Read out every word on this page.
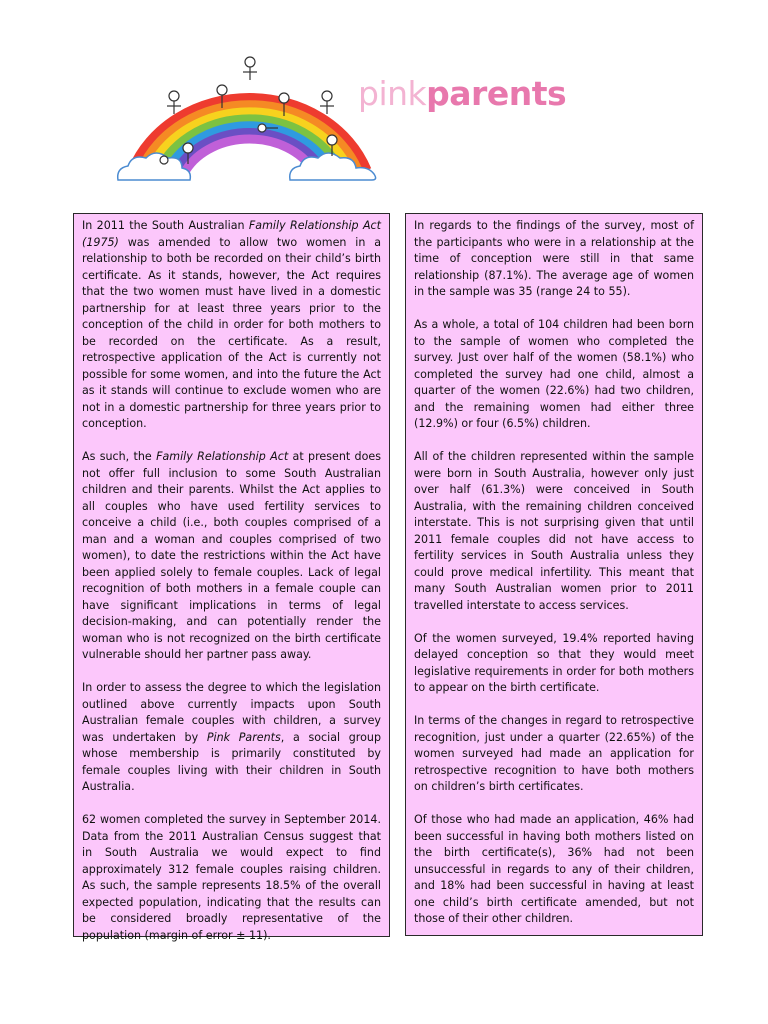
pinkparents

In 2011 the South Australian Family Relationship Act (1975) was amended to allow two women in a relationship to both be recorded on their child’s birth certificate. As it stands, however, the Act requires that the two women must have lived in a domestic partnership for at least three years prior to the conception of the child in order for both mothers to be recorded on the certificate. As a result, retrospective application of the Act is currently not possible for some women, and into the future the Act as it stands will continue to exclude women who are not in a domestic partnership for three years prior to conception.

As such, the Family Relationship Act at present does not offer full inclusion to some South Australian children and their parents. Whilst the Act applies to all couples who have used fertility services to conceive a child (i.e., both couples comprised of a man and a woman and couples comprised of two women), to date the restrictions within the Act have been applied solely to female couples. Lack of legal recognition of both mothers in a female couple can have significant implications in terms of legal decision-making, and can potentially render the woman who is not recognized on the birth certificate vulnerable should her partner pass away.

In order to assess the degree to which the legislation outlined above currently impacts upon South Australian female couples with children, a survey was undertaken by Pink Parents, a social group whose membership is primarily constituted by female couples living with their children in South Australia.

62 women completed the survey in September 2014. Data from the 2011 Australian Census suggest that in South Australia we would expect to find approximately 312 female couples raising children. As such, the sample represents 18.5% of the overall expected population, indicating that the results can be considered broadly representative of the population (margin of error ± 11).

In regards to the findings of the survey, most of the participants who were in a relationship at the time of conception were still in that same relationship (87.1%). The average age of women in the sample was 35 (range 24 to 55).

As a whole, a total of 104 children had been born to the sample of women who completed the survey. Just over half of the women (58.1%) who completed the survey had one child, almost a quarter of the women (22.6%) had two children, and the remaining women had either three (12.9%) or four (6.5%) children.

All of the children represented within the sample were born in South Australia, however only just over half (61.3%) were conceived in South Australia, with the remaining children conceived interstate. This is not surprising given that until 2011 female couples did not have access to fertility services in South Australia unless they could prove medical infertility. This meant that many South Australian women prior to 2011 travelled interstate to access services.

Of the women surveyed, 19.4% reported having delayed conception so that they would meet legislative requirements in order for both mothers to appear on the birth certificate.

In terms of the changes in regard to retrospective recognition, just under a quarter (22.65%) of the women surveyed had made an application for retrospective recognition to have both mothers on children’s birth certificates.

Of those who had made an application, 46% had been successful in having both mothers listed on the birth certificate(s), 36% had not been unsuccessful in regards to any of their children, and 18% had been successful in having at least one child’s birth certificate amended, but not those of their other children.
